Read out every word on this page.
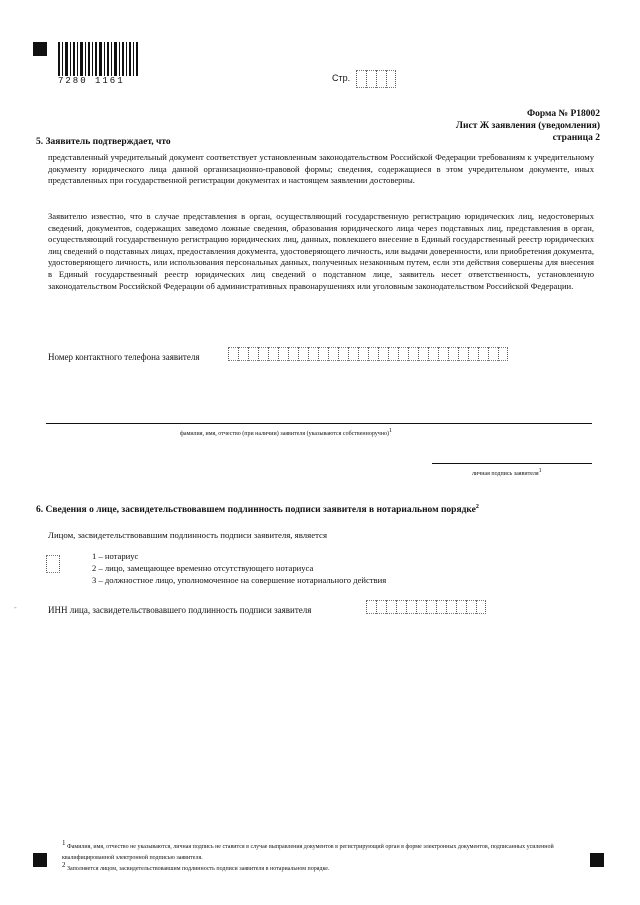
7280 1161	Стр.
Форма № Р18002
Лист Ж заявления (уведомления)
страница 2
5. Заявитель подтверждает, что
представленный учредительный документ соответствует установленным законодательством Российской Федерации требованиям к учредительному документу юридического лица данной организационно-правовой формы; сведения, содержащиеся в этом учредительном документе, иных представленных при государственной регистрации документах и настоящем заявлении достоверны.
Заявителю известно, что в случае представления в орган, осуществляющий государственную регистрацию юридических лиц, недостоверных сведений, документов, содержащих заведомо ложные сведения, образования юридического лица через подставных лиц, представления в орган, осуществляющий государственную регистрацию юридических лиц, данных, повлекшего внесение в Единый государственный реестр юридических лиц сведений о подставных лицах, предоставления документа, удостоверяющего личность, или выдачи доверенности, или приобретения документа, удостоверяющего личность, или использования персональных данных, полученных незаконным путем, если эти действия совершены для внесения в Единый государственный реестр юридических лиц сведений о подставном лице, заявитель несет ответственность, установленную законодательством Российской Федерации об административных правонарушениях или уголовным законодательством Российской Федерации.
Номер контактного телефона заявителя
фамилия, имя, отчество (при наличии) заявителя (указываются собственноручно)$^1$
личная подпись заявителя$^1$
6. Сведения о лице, засвидетельствовавшем подлинность подписи заявителя в нотариальном порядке$^2$
Лицом, засвидетельствовавшим подлинность подписи заявителя, является
1 – нотариус
2 – лицо, замещающее временно отсутствующего нотариуса
3 – должностное лицо, уполномоченное на совершение нотариального действия
-	ИНН лица, засвидетельствовавшего подлинность подписи заявителя
$^1$ Фамилия, имя, отчество не указываются, личная подпись не ставится в случае выправления документов в регистрирующий орган в форме электронных документов, подписанных усиленной квалифицированной электронной подписью заявителя.
$^2$ Заполняется лицом, засвидетельствовавшим подлинность подписи заявителя в нотариальном порядке.
